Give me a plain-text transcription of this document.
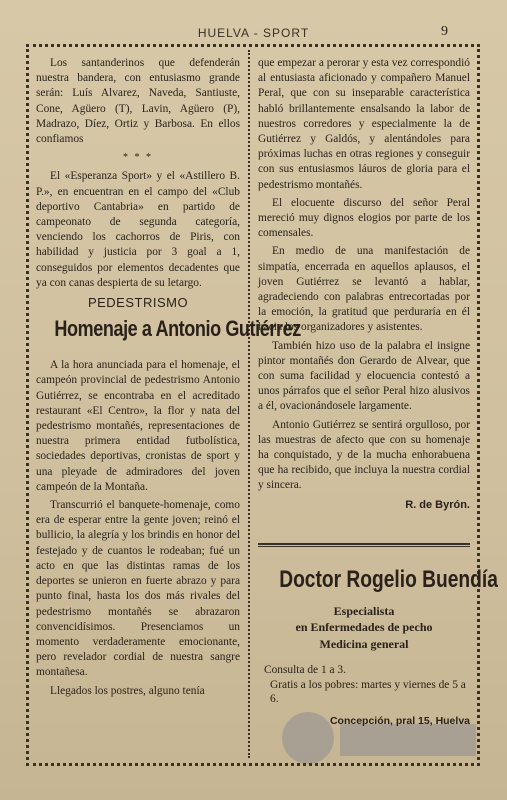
HUELVA - SPORT	9

Los santanderinos que defenderán nuestra bandera, con entusiasmo grande serán: Luís Alvarez, Naveda, Santiuste, Cone, Agüero (T), Lavin, Agüero (P), Madrazo, Díez, Ortiz y Barbosa. En ellos confiamos

* * *

El «Esperanza Sport» y el «Astillero B. P.», en encuentran en el campo del «Club deportivo Cantabria» en partido de campeonato de segunda categoría, venciendo los cachorros de Piris, con habilidad y justicia por 3 goal a 1, conseguidos por elementos decadentes que ya con canas despierta de su letargo.

PEDESTRISMO
Homenaje a Antonio Gutiérrez

A la hora anunciada para el homenaje, el campeón provincial de pedestrismo Antonio Gutiérrez, se encontraba en el acreditado restaurant «El Centro», la flor y nata del pedestrismo montañés, representaciones de nuestra primera entidad futbolística, sociedades deportivas, cronistas de sport y una pleyade de admiradores del joven campeón de la Montaña.

Transcurrió el banquete-homenaje, como era de esperar entre la gente joven; reinó el bullicio, la alegría y los brindis en honor del festejado y de cuantos le rodeaban; fué un acto en que las distintas ramas de los deportes se unieron en fuerte abrazo y para punto final, hasta los dos más rivales del pedestrismo montañés se abrazaron convencidísimos. Presenciamos un momento verdaderamente emocionante, pero revelador cordial de nuestra sangre montañesa.

Llegados los postres, alguno tenía

que empezar a perorar y esta vez correspondió al entusiasta aficionado y compañero Manuel Peral, que con su inseparable característica habló brillantemente ensalsando la labor de nuestros corredores y especialmente la de Gutiérrez y Galdós, y alentándoles para próximas luchas en otras regiones y conseguir con sus entusiasmos láuros de gloria para el pedestrismo montañés.

El elocuente discurso del señor Peral mereció muy dignos elogios por parte de los comensales.

En medio de una manifestación de simpatía, encerrada en aquellos aplausos, el joven Gutiérrez se levantó a hablar, agradeciendo con palabras entrecortadas por la emoción, la gratitud que perduraría en él hacia los organizadores y asistentes.

También hizo uso de la palabra el insigne pintor montañés don Gerardo de Alvear, que con suma facilidad y elocuencia contestó a unos párrafos que el señor Peral hizo alusivos a él, ovacionándosele largamente.

Antonio Gutiérrez se sentirá orgulloso, por las muestras de afecto que con su homenaje ha conquistado, y de la mucha enhorabuena que ha recibido, que incluya la nuestra cordial y sincera.

R. de Byrón.
Doctor Rogelio Buendía
Especialista
en Enfermedades de pecho
Medicina general
Consulta de 1 a 3.
Gratis a los pobres: martes y viernes de 5 a 6.
Concepción, pral 15, Huelva
